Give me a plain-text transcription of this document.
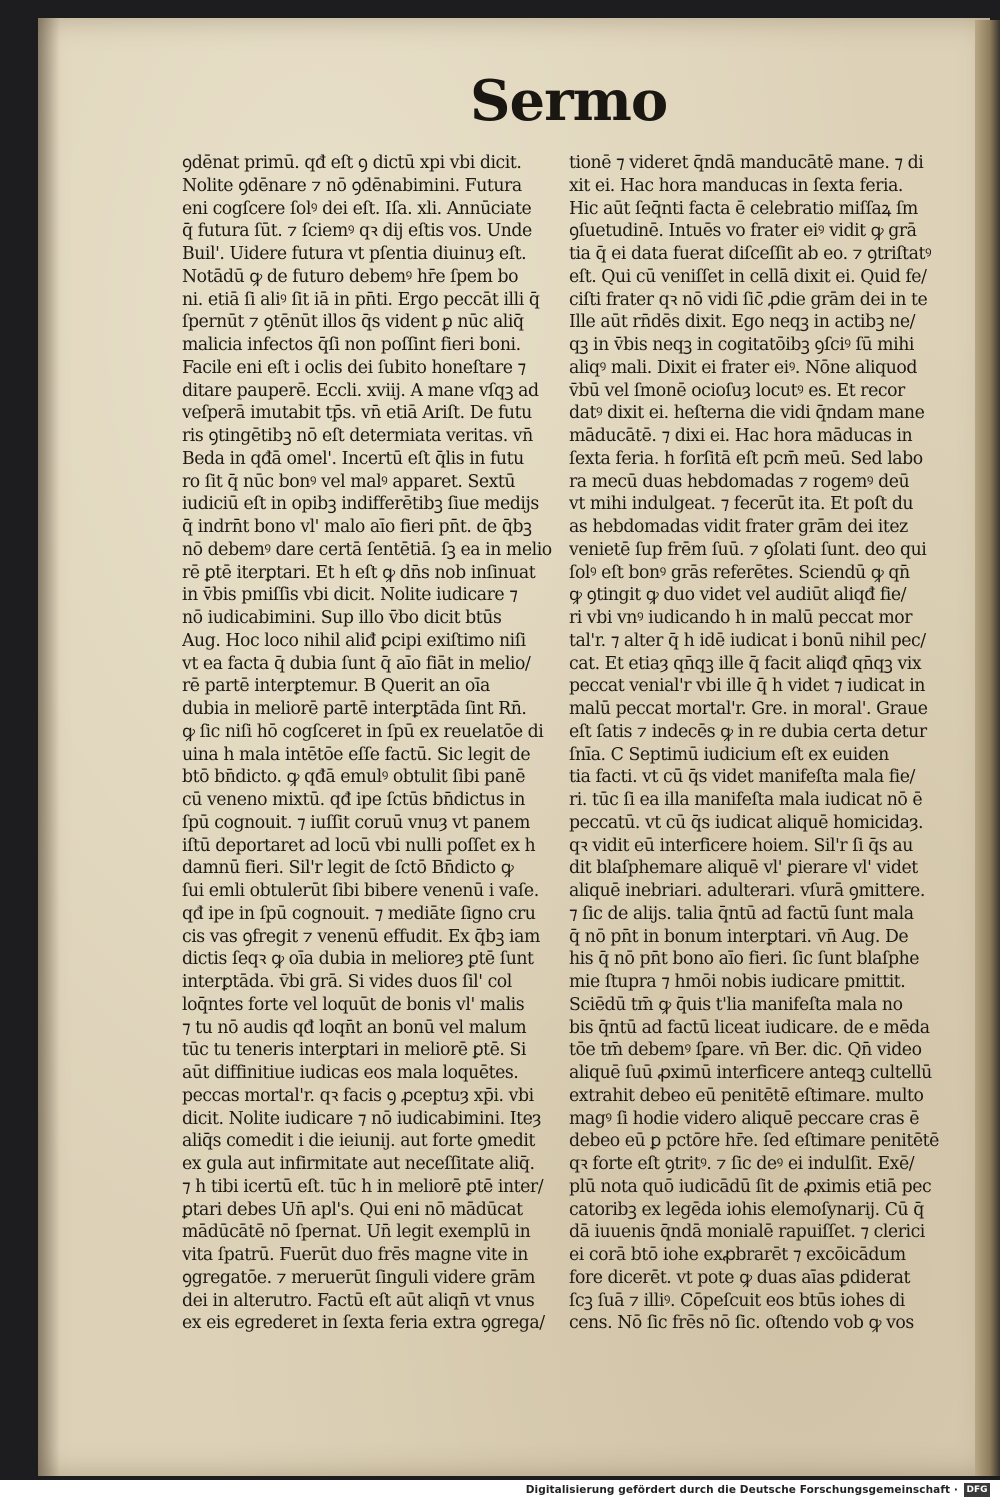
Sermo
ꝯdēnat primū. qđ eſt ꝯ dictū xpi vbi dicit.
Nolite ꝯdēnare ⁊ nō ꝯdēnabimini. Futura
eni cogſcere ſolꝰ dei eſt. Iſa. xli. Annūciate
q̄ futura ſūt. ⁊ ſciemꝰ qꝛ dij eſtis vos. Unde
Buil'. Uidere futura vt pſentia diuinuȝ eſt.
Notādū ꝙ de futuro debemꝰ hr̄e ſpem bo
ni. etiā ſi aliꝰ ſit iā in pn̄ti. Ergo peccāt illi q̄
ſpernūt ⁊ ꝯtēnūt illos q̄s vident ꝑ nūc aliq̄
malicia infectos q̄ſi non poſſint fieri boni.
Facile eni eſt i oclis dei ſubito honeſtare ⁊
ditare pauperē. Eccli. xviij. A mane vſqꝫ ad
veſperā imutabit tp̄s. vn̄ etiā Ariſt. De futu
ris ꝯtingētibꝫ nō eſt determiata veritas. vn̄
Beda in qđā omel'. Incertū eſt q̄lis in futu
ro ſit q̄ nūc bonꝰ vel malꝰ apparet. Sextū
iudiciū eſt in opibꝫ indifferētibꝫ ſiue medijs
q̄ indrn̄t bono vl' malo aīo fieri pn̄t. de q̄bꝫ
nō debemꝰ dare certā ſentētiā. ſꝫ ea in melio
rē ꝑtē iterꝑtari. Et h̄ eſt ꝙ dn̄s nob inſinuat
in v̄bis pmiſſis vbi dicit. Nolite iudicare ⁊
nō iudicabimini. Sup illo v̄bo dicit btūs
Aug. Hoc loco nihil aliđ ꝑcipi exiſtimo niſi
vt ea facta q̄ dubia ſunt q̄ aīo fiāt in melio/
rē partē interꝑtemur. B Querit an oīa
dubia in meliorē partē interꝑtāda ſint Rn̄.
ꝙ ſic niſi hō cogſceret in ſpū ex reuelatōe di
uina h̄ mala intētōe eſſe factū. Sic legit de
btō bn̄dicto. ꝙ qđā emulꝰ obtulit ſibi panē
cū veneno mixtū. qđ ipe ſctūs bn̄dictus in
ſpū cognouit. ⁊ iuſſit coruū vnuȝ vt panem
iſtū deportaret ad locū vbi nulli poſſet ex h̄
damnū fieri. Sil'r legit de ſctō Bn̄dicto ꝙ
ſui emli obtulerūt ſibi bibere venenū i vaſe.
qđ ipe in ſpū cognouit. ⁊ mediāte ſigno cru
cis vas ꝯfregit ⁊ venenū effudit. Ex q̄bꝫ iam
dictis ſeqꝛ ꝙ oīa dubia in melioreȝ ꝑtē ſunt
interꝑtāda. v̄bi grā. Si vides duos ſil' col
loq̄ntes forte vel loquūt de bonis vl' malis
⁊ tu nō audis qđ loqn̄t an bonū vel malum
tūc tu teneris interꝑtari in meliorē ꝑtē. Si
aūt diffinitiue iudicas eos mala loquētes.
peccas mortal'r. qꝛ facis ꝯ ꝓceptuȝ xp̄i. vbi
dicit. Nolite iudicare ⁊ nō iudicabimini. Iteȝ
aliq̄s comedit i die ieiunij. aut forte ꝯmedit
ex gula aut infirmitate aut neceſſitate aliq̄.
⁊ h̄ tibi icertū eſt. tūc h̄ in meliorē ꝑtē inter/
ꝑtari debes Un̄ apl's. Qui eni nō mādūcat
mādūcātē nō ſpernat. Un̄ legit exemplū in
vita ſpatrū. Fuerūt duo frēs magne vite in
ꝯgregatōe. ⁊ meruerūt ſinguli videre grām
dei in alterutro. Factū eſt aūt aliqn̄ vt vnus
ex eis egrederet in ſexta feria extra ꝯgrega/
tionē ⁊ videret q̄ndā manducātē mane. ⁊ di
xit ei. Hac hora manducas in ſexta feria.
Hic aūt ſeq̄nti facta ē celebratio miſſaꝝ ſm
ꝯſuetudinē. Intuēs vo frater eiꝰ vidit ꝙ grā
tia q̄ ei data fuerat diſceſſit ab eo. ⁊ ꝯtriſtatꝰ
eſt. Qui cū veniſſet in cellā dixit ei. Quid fe/
ciſti frater qꝛ nō vidi ſic̄ ꝓdie grām dei in te
Ille aūt rn̄dēs dixit. Ego neqꝫ in actibꝫ ne/
qꝫ in v̄bis neqꝫ in cogitatōibꝫ ꝯſciꝰ ſū mihi
aliqꝰ mali. Dixit ei frater eiꝰ. Nōne aliquod
v̄bū vel ſmonē ocioſuȝ locutꝰ es. Et recor
datꝰ dixit ei. heſterna die vidi q̄ndam mane
māducātē. ⁊ dixi ei. Hac hora māducas in
ſexta feria. h̄ forſitā eſt pcm̄ meū. Sed labo
ra mecū duas hebdomadas ⁊ rogemꝰ deū
vt mihi indulgeat. ⁊ fecerūt ita. Et poſt du
as hebdomadas vidit frater grām dei itez
venietē ſup frēm ſuū. ⁊ ꝯſolati ſunt. deo qui
ſolꝰ eſt bonꝰ grās referētes. Sciendū ꝙ qn̄
ꝙ ꝯtingit ꝙ duo videt vel audiūt aliqđ fie/
ri vbi vnꝰ iudicando h̄ in malū peccat mor
tal'r. ⁊ alter q̄ h̄ idē iudicat i bonū nihil pec/
cat. Et etiaȝ qn̄qꝫ ille q̄ facit aliqđ qn̄qꝫ vix
peccat venial'r vbi ille q̄ h̄ videt ⁊ iudicat in
malū peccat mortal'r. Gre. in moral'. Graue
eſt ſatis ⁊ indecēs ꝙ in re dubia certa detur
ſnīa. C Septimū iudicium eſt ex euiden
tia facti. vt cū q̄s videt manifeſta mala fie/
ri. tūc ſi ea illa manifeſta mala iudicat nō ē
peccatū. vt cū q̄s iudicat aliquē homicidaȝ.
qꝛ vidit eū interficere hoiem. Sil'r ſi q̄s au
dit blaſphemare aliquē vl' ꝑierare vl' videt
aliquē inebriari. adulterari. vſurā ꝯmittere.
⁊ ſic de alijs. talia q̄ntū ad factū ſunt mala
q̄ nō pn̄t in bonum interꝑtari. vn̄ Aug. De
his q̄ nō pn̄t bono aīo fieri. ſic ſunt blaſphe
mie ſtupra ⁊ hmōi nobis iudicare pmittit.
Sciēdū tm̄ ꝙ q̄uis t'lia manifeſta mala no
bis q̄ntū ad factū liceat iudicare. de e mēda
tōe tm̄ debemꝰ ſꝑare. vn̄ Ber. dic. Qn̄ video
aliquē ſuū ꝓximū interficere anteqꝫ cultellū
extrahit debeo eū penitētē eſtimare. multo
magꝰ ſi hodie videro aliquē peccare cras ē
debeo eū ꝑ pctōre hr̄e. ſed eſtimare penitētē
qꝛ forte eſt ꝯtritꝰ. ⁊ ſic deꝰ ei indulſit. Exē/
plū nota quō iudicādū ſit de ꝓximis etiā pec
catoribꝫ ex legēda iohis elemoſynarij. Cū q̄
dā iuuenis q̄ndā monialē rapuiſſet. ⁊ clerici
ei corā btō iohe exꝓbrarēt ⁊ excōicādum
fore dicerēt. vt pote ꝙ duas aīas ꝑdiderat
ſcꝫ ſuā ⁊ illiꝰ. Cōpeſcuit eos btūs iohes di
cens. Nō ſic frēs nō ſic. oſtendo vob ꝙ vos
Digitalisierung gefördert durch die Deutsche Forschungsgemeinschaft · DFG
